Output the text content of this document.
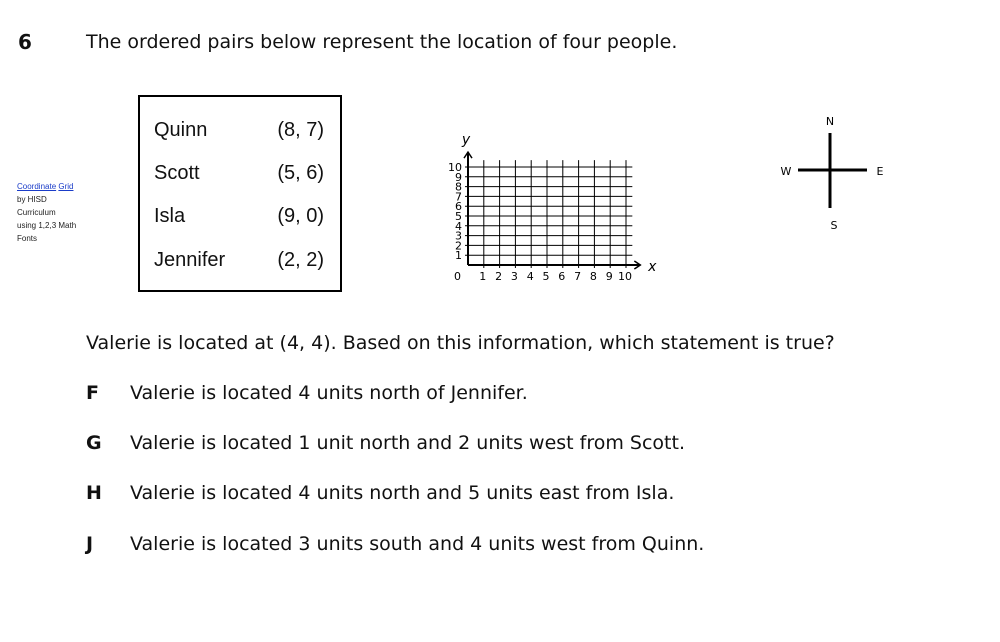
6	The ordered pairs below represent the location of four people.
Coordinate Grid by HISD Curriculum using 1,2,3 Math Fonts
Quinn	(8, 7)
Scott	(5, 6)
Isla	(9, 0)
Jennifer	(2, 2)
1 2 3 4 5 6 7 8 9 10
1
2
3
4
5
6
7
8
9
10
0
x
y
N
S
W	E
Valerie is located at (4, 4). Based on this information, which statement is true?
F Valerie is located 4 units north of Jennifer.
G Valerie is located 1 unit north and 2 units west from Scott.
H Valerie is located 4 units north and 5 units east from Isla.
J Valerie is located 3 units south and 4 units west from Quinn.
